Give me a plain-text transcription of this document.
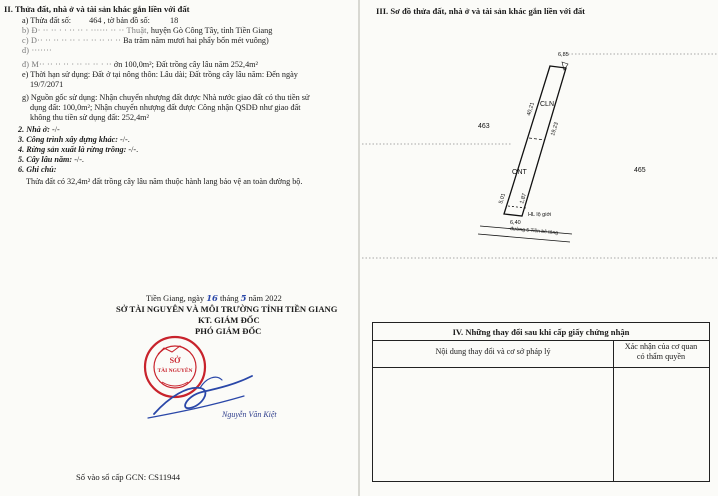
II. Thửa đất, nhà ở và tài sản khác gắn liền với đất
a) Thửa đất số: 464 , tờ bản đồ số: 18
b) Đ· ·· ·· · · ·· ·· · ······ ·· ·· Thuật, huyện Gò Công Tây, tỉnh Tiền Giang
c) D·· ·· ·· ·· ·· · ·· ·· ·· ·· ·· Ba trăm năm mươi hai phẩy bốn mét vuông)
d) ·······
đ) M·· ·· ·· ·· · ·· ·· ·· · ·· ởn 100,0m²; Đất trồng cây lâu năm 252,4m²
e) Thời hạn sử dụng: Đất ở tại nông thôn: Lâu dài; Đất trồng cây lâu năm: Đến ngày
19/7/2071
g) Nguồn gốc sử dụng: Nhận chuyển nhượng đất được Nhà nước giao đất có thu tiền sử
dụng đất: 100,0m²; Nhận chuyển nhượng đất được Công nhận QSDĐ như giao đất
không thu tiền sử dụng đất: 252,4m²
2. Nhà ở: -/-
3. Công trình xây dựng khác: -/-.
4. Rừng sản xuất là rừng trồng: -/-.
5. Cây lâu năm: -/-.
6. Ghi chú:
Thửa đất có 32,4m² đất trồng cây lâu năm thuộc hành lang bảo vệ an toàn đường bộ.
Tiền Giang, ngày 16 tháng 5 năm 2022
SỞ TÀI NGUYÊN VÀ MÔI TRƯỜNG TỈNH TIỀN GIANG
KT. GIÁM ĐỐC
PHÓ GIÁM ĐỐC
SỞ
TÀI NGUYÊN
Nguyễn Văn Kiệt
Số vào sổ cấp GCN: CS11944
III. Sơ đồ thửa đất, nhà ở và tài sản khác gắn liền với đất
463
465
CLN
ONT
đường 5 Tiền bê tông
HL lộ giới
6,85
40,21
19,23
6,40
5,01 1,87
IV. Những thay đổi sau khi cấp giấy chứng nhận
Nội dung thay đổi và cơ sở pháp lý
Xác nhận của cơ quan
có thẩm quyền
